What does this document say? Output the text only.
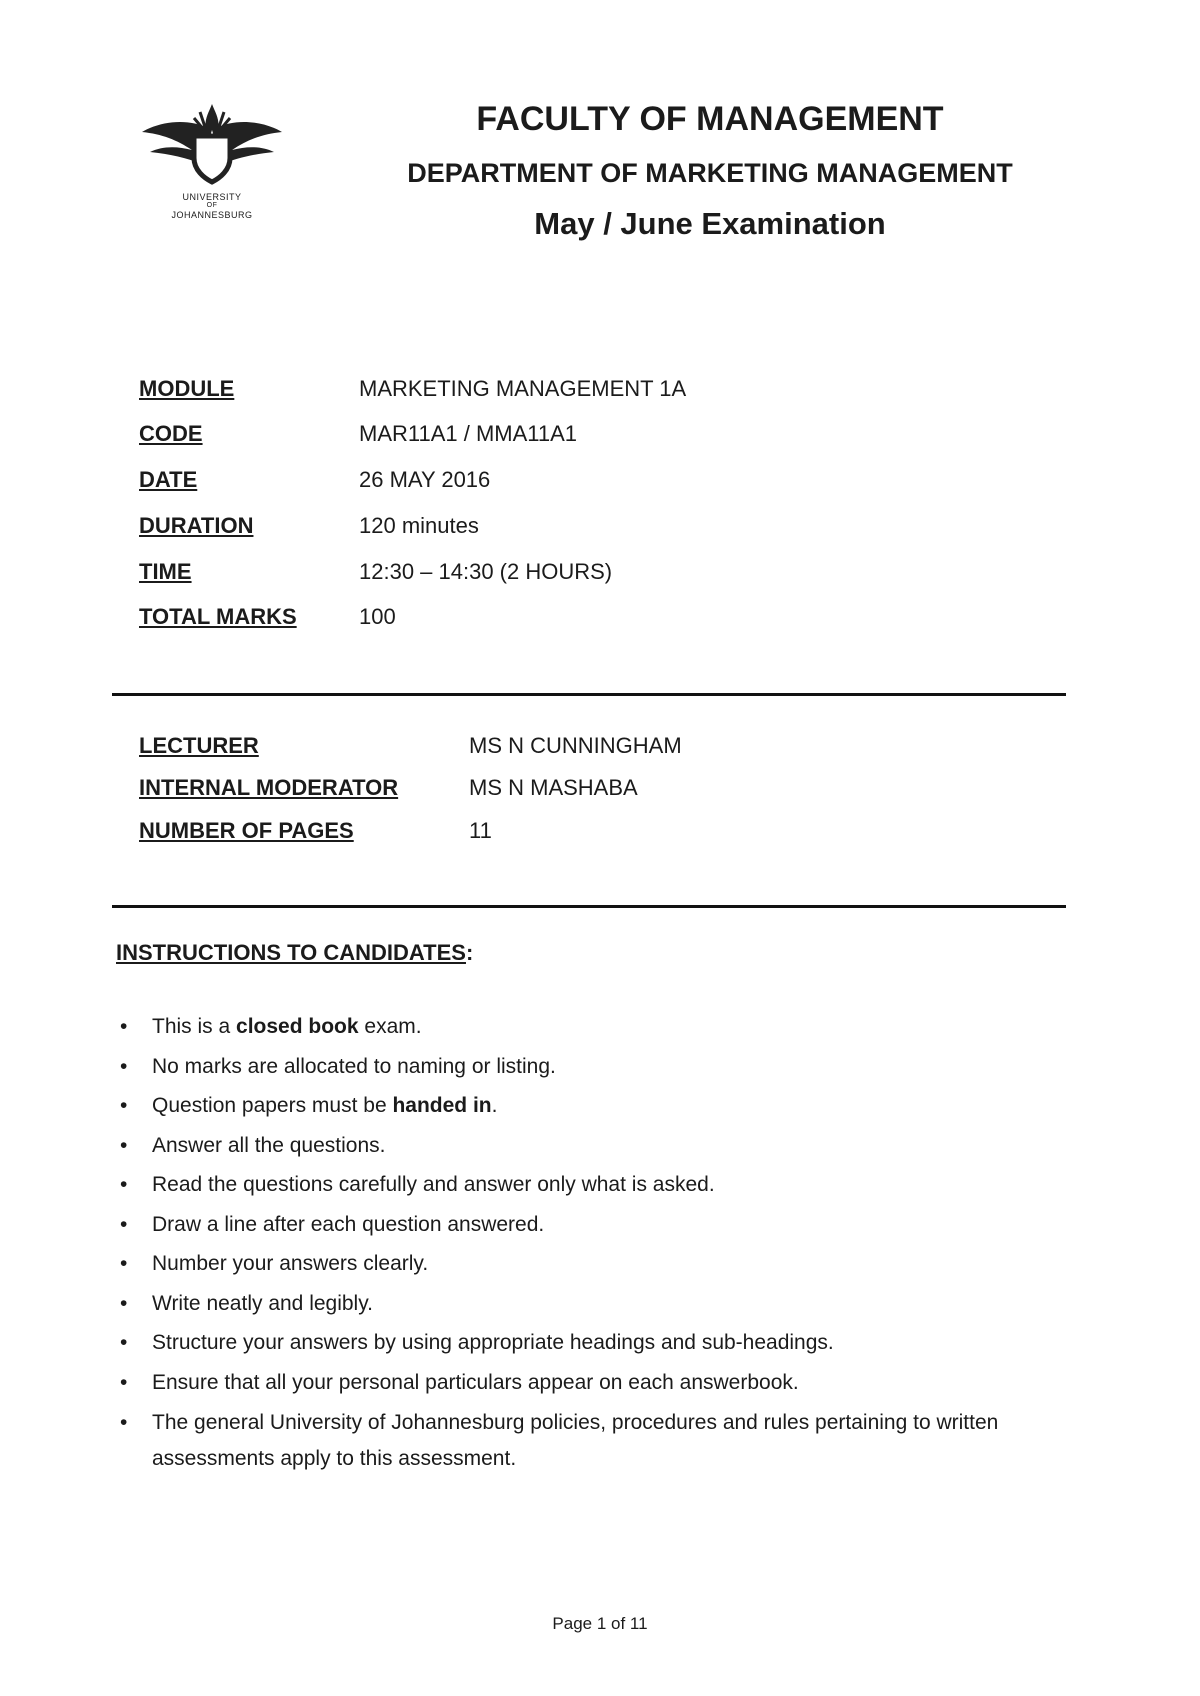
UNIVERSITY
OF
JOHANNESBURG
FACULTY OF MANAGEMENT
DEPARTMENT OF MARKETING MANAGEMENT
May / June Examination
MODULE	MARKETING MANAGEMENT 1A
CODE	MAR11A1 / MMA11A1
DATE	26 MAY 2016
DURATION	120 minutes
TIME	12:30 – 14:30 (2 HOURS)
TOTAL MARKS	100
LECTURER	MS N CUNNINGHAM
INTERNAL MODERATOR	MS N MASHABA
NUMBER OF PAGES	11
INSTRUCTIONS TO CANDIDATES:
• This is a closed book exam.
• No marks are allocated to naming or listing.
• Question papers must be handed in.
• Answer all the questions.
• Read the questions carefully and answer only what is asked.
• Draw a line after each question answered.
• Number your answers clearly.
• Write neatly and legibly.
• Structure your answers by using appropriate headings and sub-headings.
• Ensure that all your personal particulars appear on each answerbook.
• The general University of Johannesburg policies, procedures and rules pertaining to written assessments apply to this assessment.
Page 1 of 11
